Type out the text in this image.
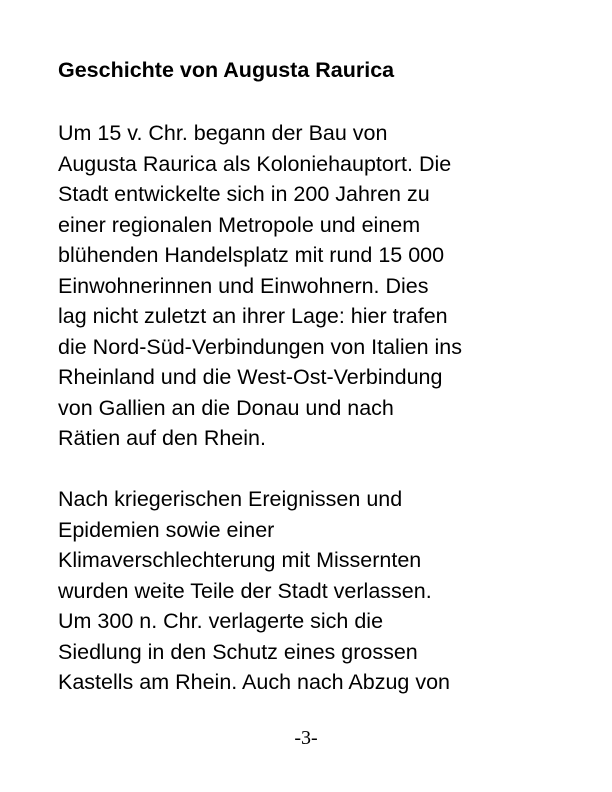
Geschichte von Augusta Raurica
Um 15 v. Chr. begann der Bau von
Augusta Raurica als Koloniehauptort. Die
Stadt entwickelte sich in 200 Jahren zu
einer regionalen Metropole und einem
blühenden Handelsplatz mit rund 15 000
Einwohnerinnen und Einwohnern. Dies
lag nicht zuletzt an ihrer Lage: hier trafen
die Nord-Süd-Verbindungen von Italien ins
Rheinland und die West-Ost-Verbindung
von Gallien an die Donau und nach
Rätien auf den Rhein.
Nach kriegerischen Ereignissen und
Epidemien sowie einer
Klimaverschlechterung mit Missernten
wurden weite Teile der Stadt verlassen.
Um 300 n. Chr. verlagerte sich die
Siedlung in den Schutz eines grossen
Kastells am Rhein. Auch nach Abzug von
-3-
